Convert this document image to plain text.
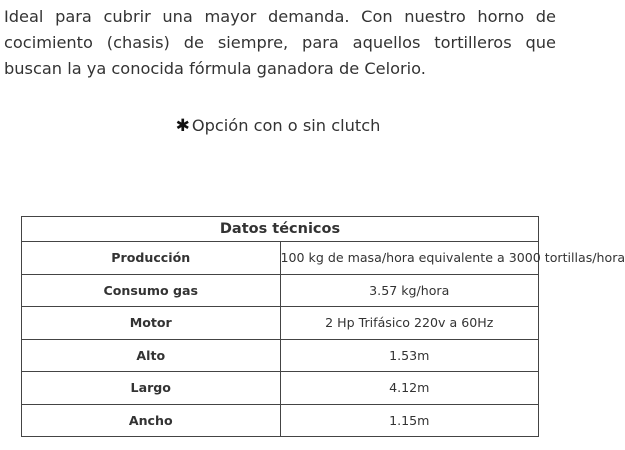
Ideal para cubrir una mayor demanda. Con nuestro horno de cocimiento (chasis) de siempre, para aquellos tortilleros que buscan la ya conocida fórmula ganadora de Celorio.

✱ Opción con o sin clutch
Datos técnicos	
Producción	100 kg de masa/hora equivalente a 3000 tortillas/hora
Consumo gas	3.57 kg/hora
Motor	2 Hp Trifásico 220v a 60Hz
Alto	1.53m
Largo	4.12m
Ancho	1.15m
